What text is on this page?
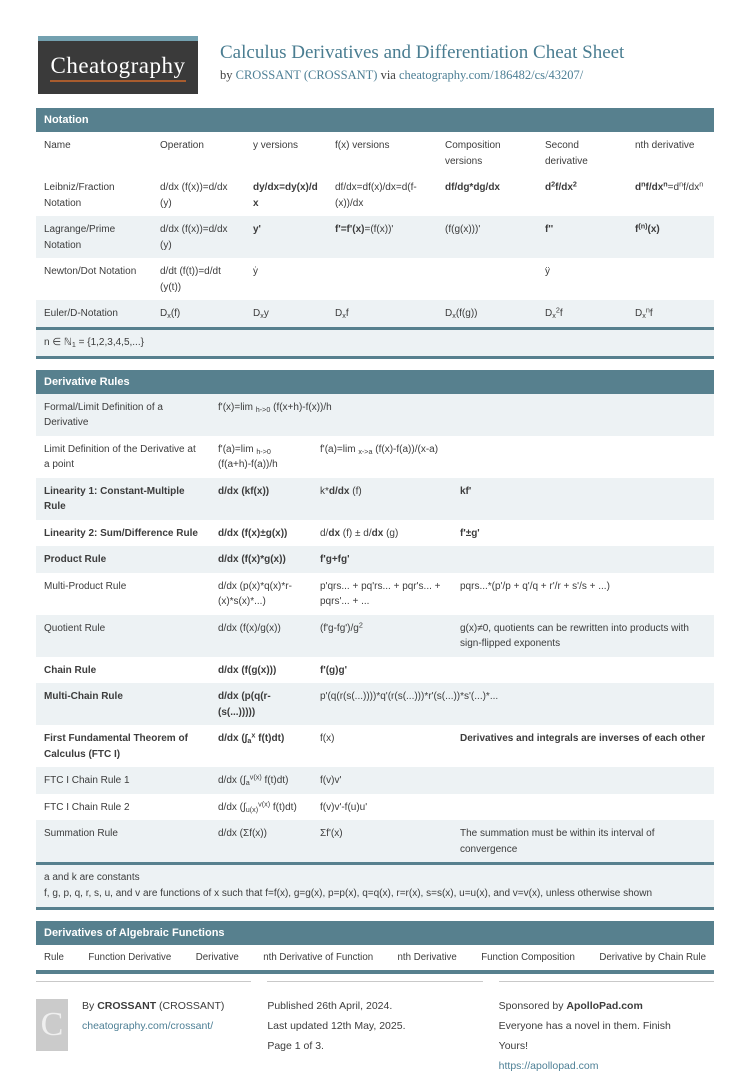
Cheatography
Calculus Derivatives and Differentiation Cheat Sheet
by CROSSANT (CROSSANT) via cheatography.com/186482/cs/43207/
Notation
Name	Operation	y versions	f(x) versions	Composition versions	Second derivative	nth derivative
Leibniz/Fraction Notation	d/dx (f(x))=d/dx (y)	dy/dx=dy(x)/dx	df/dx=df(x)/dx=d(f-(x))/dx	df/dg*dg/dx	$d^2f/dx^2$	$d^nf/dx^n=d^nf/dx^n$
Lagrange/Prime Notation	d/dx (f(x))=d/dx (y)	y'	f'=f'(x)=(f(x))'	(f(g(x)))'	f''	$f^{(n)}(x)$
Newton/Dot Notation	d/dt (f(t))=d/dt (y(t))	ẏ			ÿ	
Euler/D-Notation	$D_x(f)$	$D_xy$	$D_xf$	$D_x(f(g))$	$D_x^2f$	$D_x^nf$
n ∈ ℕ$_1$ = {1,2,3,4,5,...}
Derivative Rules
Formal/Limit Definition of a Derivative	f'(x)=lim $_{h->0}$ (f(x+h)-f(x))/h		
Limit Definition of the Derivative at a point	f'(a)=lim $_{h->0}$ (f(a+h)-f(a))/h	f'(a)=lim $_{x->a}$ (f(x)-f(a))/(x-a)	
Linearity 1: Constant-Multiple Rule	d/dx (kf(x))	k*d/dx (f)	kf'
Linearity 2: Sum/Difference Rule	d/dx (f(x)±g(x))	d/dx (f) ± d/dx (g)	f'±g'
Product Rule	d/dx (f(x)*g(x))	f'g+fg'	
Multi-Product Rule	d/dx (p(x)*q(x)*r-(x)*s(x)*...)	p'qrs... + pq'rs... + pqr's... + pqrs'... + ...	pqrs...*(p'/p + q'/q + r'/r + s'/s + ...)
Quotient Rule	d/dx (f(x)/g(x))	$(f'g-fg')/g^2$	g(x)≠0, quotients can be rewritten into products with sign-flipped exponents
Chain Rule	d/dx (f(g(x)))	f'(g)g'	
Multi-Chain Rule	d/dx (p(q(r-(s(...)))))	p'(q(r(s(...))))*q'(r(s(...)))*r'(s(...))*s'(...)*...	
First Fundamental Theorem of Calculus (FTC I)	d/dx ($\int_a^x$ f(t)dt)	f(x)	Derivatives and integrals are inverses of each other
FTC I Chain Rule 1	d/dx ($\int_a^{v(x)}$ f(t)dt)	f(v)v'	
FTC I Chain Rule 2	d/dx ($\int_{u(x)}^{v(x)}$ f(t)dt)	f(v)v'-f(u)u'	
Summation Rule	d/dx (Σf(x))	Σf'(x)	The summation must be within its interval of convergence
a and k are constants
f, g, p, q, r, s, u, and v are functions of x such that f=f(x), g=g(x), p=p(x), q=q(x), r=r(x), s=s(x), u=u(x), and v=v(x), unless otherwise shown
Derivatives of Algebraic Functions
Rule	Function Derivative	Derivative	nth Derivative of Function	nth Derivative	Function Composition	Derivative by Chain Rule
C	By CROSSANT (CROSSANT)
cheatography.com/crossant/
Published 26th April, 2024.
Last updated 12th May, 2025.
Page 1 of 3.
Sponsored by ApolloPad.com
Everyone has a novel in them. Finish
Yours!
https://apollopad.com
